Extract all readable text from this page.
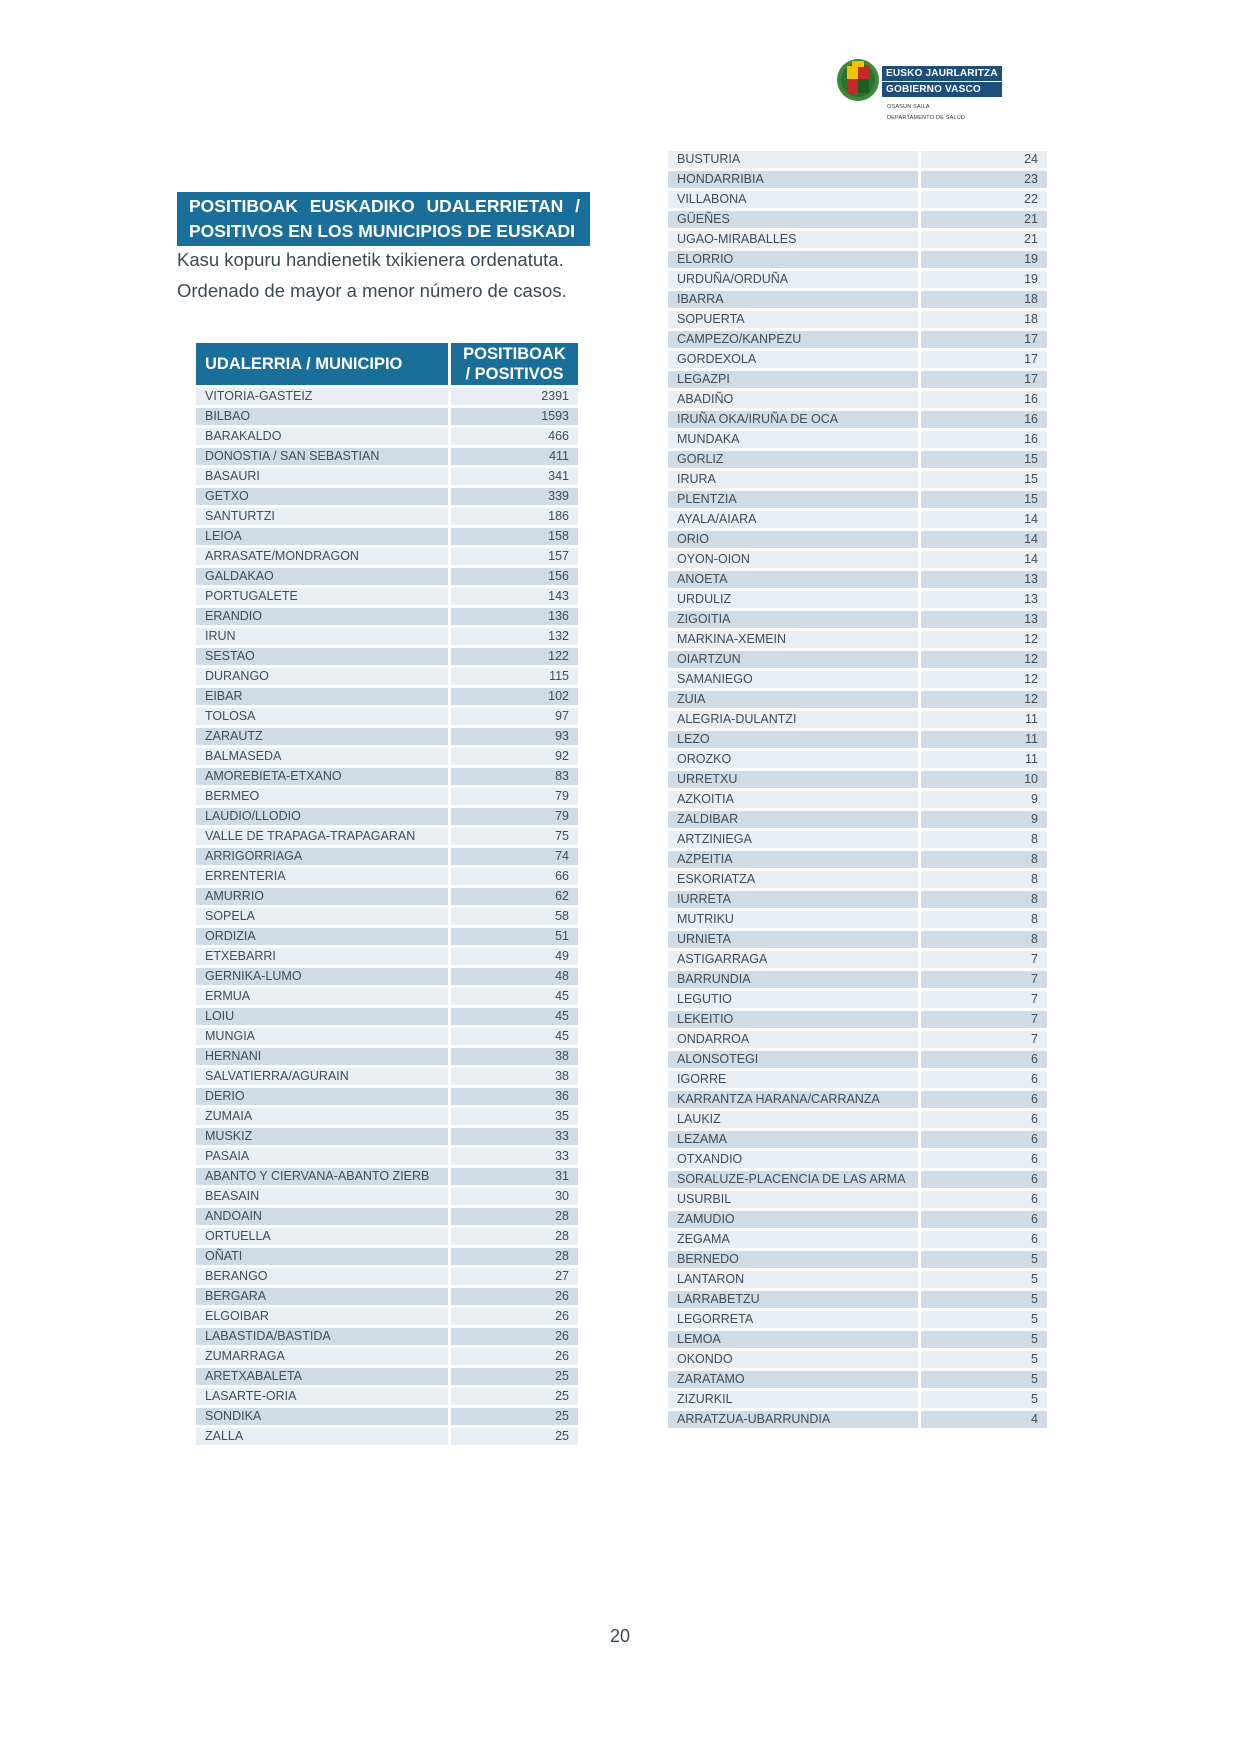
EUSKO JAURLARITZA
GOBIERNO VASCO
OSASUN SAILA
DEPARTAMENTO DE SALUD
POSITIBOAK EUSKADIKO UDALERRIETAN /
POSITIVOS EN LOS MUNICIPIOS DE EUSKADI
Kasu kopuru handienetik txikienera ordenatuta.
Ordenado de mayor a menor número de casos.
UDALERRIA / MUNICIPIO	POSITIBOAK
/ POSITIVOS
VITORIA-GASTEIZ	2391
BILBAO	1593
BARAKALDO	466
DONOSTIA / SAN SEBASTIAN	411
BASAURI	341
GETXO	339
SANTURTZI	186
LEIOA	158
ARRASATE/MONDRAGON	157
GALDAKAO	156
PORTUGALETE	143
ERANDIO	136
IRUN	132
SESTAO	122
DURANGO	115
EIBAR	102
TOLOSA	97
ZARAUTZ	93
BALMASEDA	92
AMOREBIETA-ETXANO	83
BERMEO	79
LAUDIO/LLODIO	79
VALLE DE TRAPAGA-TRAPAGARAN	75
ARRIGORRIAGA	74
ERRENTERIA	66
AMURRIO	62
SOPELA	58
ORDIZIA	51
ETXEBARRI	49
GERNIKA-LUMO	48
ERMUA	45
LOIU	45
MUNGIA	45
HERNANI	38
SALVATIERRA/AGURAIN	38
DERIO	36
ZUMAIA	35
MUSKIZ	33
PASAIA	33
ABANTO Y CIERVANA-ABANTO ZIERB	31
BEASAIN	30
ANDOAIN	28
ORTUELLA	28
OÑATI	28
BERANGO	27
BERGARA	26
ELGOIBAR	26
LABASTIDA/BASTIDA	26
ZUMARRAGA	26
ARETXABALETA	25
LASARTE-ORIA	25
SONDIKA	25
ZALLA	25
BUSTURIA	24
HONDARRIBIA	23
VILLABONA	22
GÜEÑES	21
UGAO-MIRABALLES	21
ELORRIO	19
URDUÑA/ORDUÑA	19
IBARRA	18
SOPUERTA	18
CAMPEZO/KANPEZU	17
GORDEXOLA	17
LEGAZPI	17
ABADIÑO	16
IRUÑA OKA/IRUÑA DE OCA	16
MUNDAKA	16
GORLIZ	15
IRURA	15
PLENTZIA	15
AYALA/AIARA	14
ORIO	14
OYON-OION	14
ANOETA	13
URDULIZ	13
ZIGOITIA	13
MARKINA-XEMEIN	12
OIARTZUN	12
SAMANIEGO	12
ZUIA	12
ALEGRIA-DULANTZI	11
LEZO	11
OROZKO	11
URRETXU	10
AZKOITIA	9
ZALDIBAR	9
ARTZINIEGA	8
AZPEITIA	8
ESKORIATZA	8
IURRETA	8
MUTRIKU	8
URNIETA	8
ASTIGARRAGA	7
BARRUNDIA	7
LEGUTIO	7
LEKEITIO	7
ONDARROA	7
ALONSOTEGI	6
IGORRE	6
KARRANTZA HARANA/CARRANZA	6
LAUKIZ	6
LEZAMA	6
OTXANDIO	6
SORALUZE-PLACENCIA DE LAS ARMA	6
USURBIL	6
ZAMUDIO	6
ZEGAMA	6
BERNEDO	5
LANTARON	5
LARRABETZU	5
LEGORRETA	5
LEMOA	5
OKONDO	5
ZARATAMO	5
ZIZURKIL	5
ARRATZUA-UBARRUNDIA	4
20
